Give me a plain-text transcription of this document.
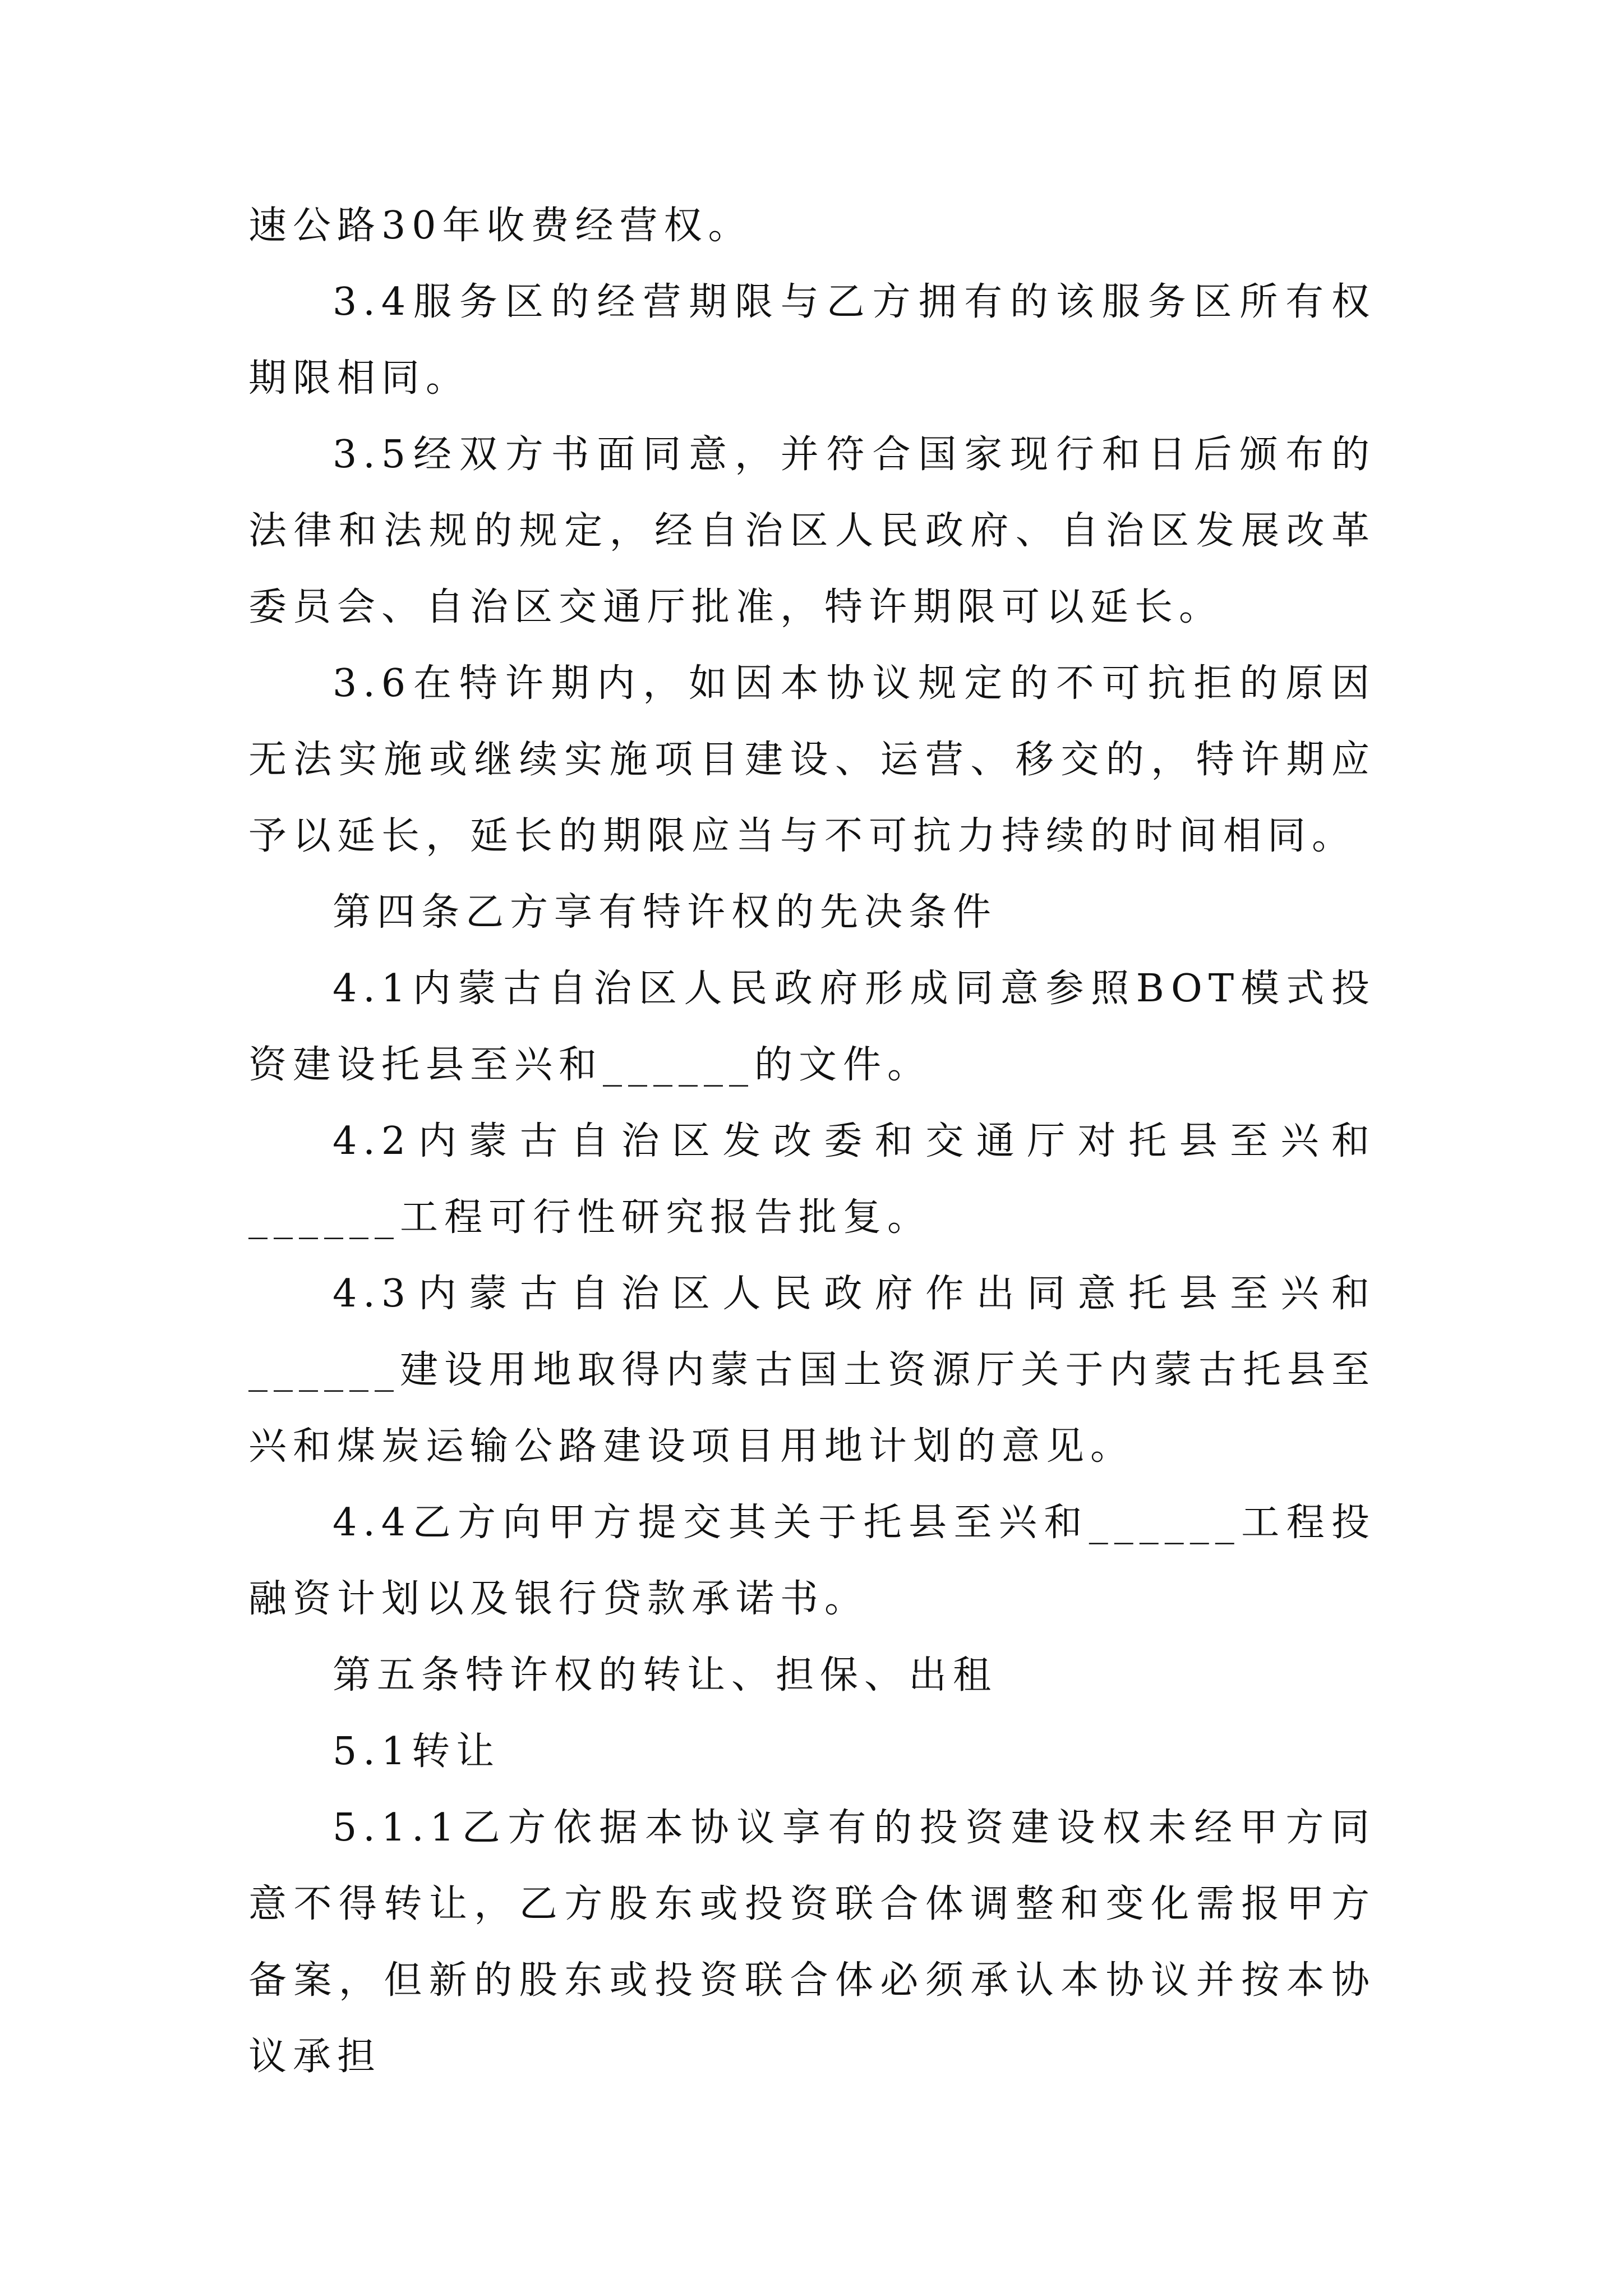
速公路30年收费经营权。

3.4服务区的经营期限与乙方拥有的该服务区所有权期限相同。

3.5经双方书面同意，并符合国家现行和日后颁布的法律和法规的规定，经自治区人民政府、自治区发展改革委员会、自治区交通厅批准，特许期限可以延长。

3.6在特许期内，如因本协议规定的不可抗拒的原因无法实施或继续实施项目建设、运营、移交的，特许期应予以延长，延长的期限应当与不可抗力持续的时间相同。

第四条乙方享有特许权的先决条件

4.1内蒙古自治区人民政府形成同意参照BOT模式投资建设托县至兴和______的文件。

4.2内蒙古自治区发改委和交通厅对托县至兴和______工程可行性研究报告批复。

4.3内蒙古自治区人民政府作出同意托县至兴和______建设用地取得内蒙古国土资源厅关于内蒙古托县至兴和煤炭运输公路建设项目用地计划的意见。

4.4乙方向甲方提交其关于托县至兴和______工程投融资计划以及银行贷款承诺书。

第五条特许权的转让、担保、出租

5.1转让

5.1.1乙方依据本协议享有的投资建设权未经甲方同意不得转让，乙方股东或投资联合体调整和变化需报甲方备案，但新的股东或投资联合体必须承认本协议并按本协议承担
